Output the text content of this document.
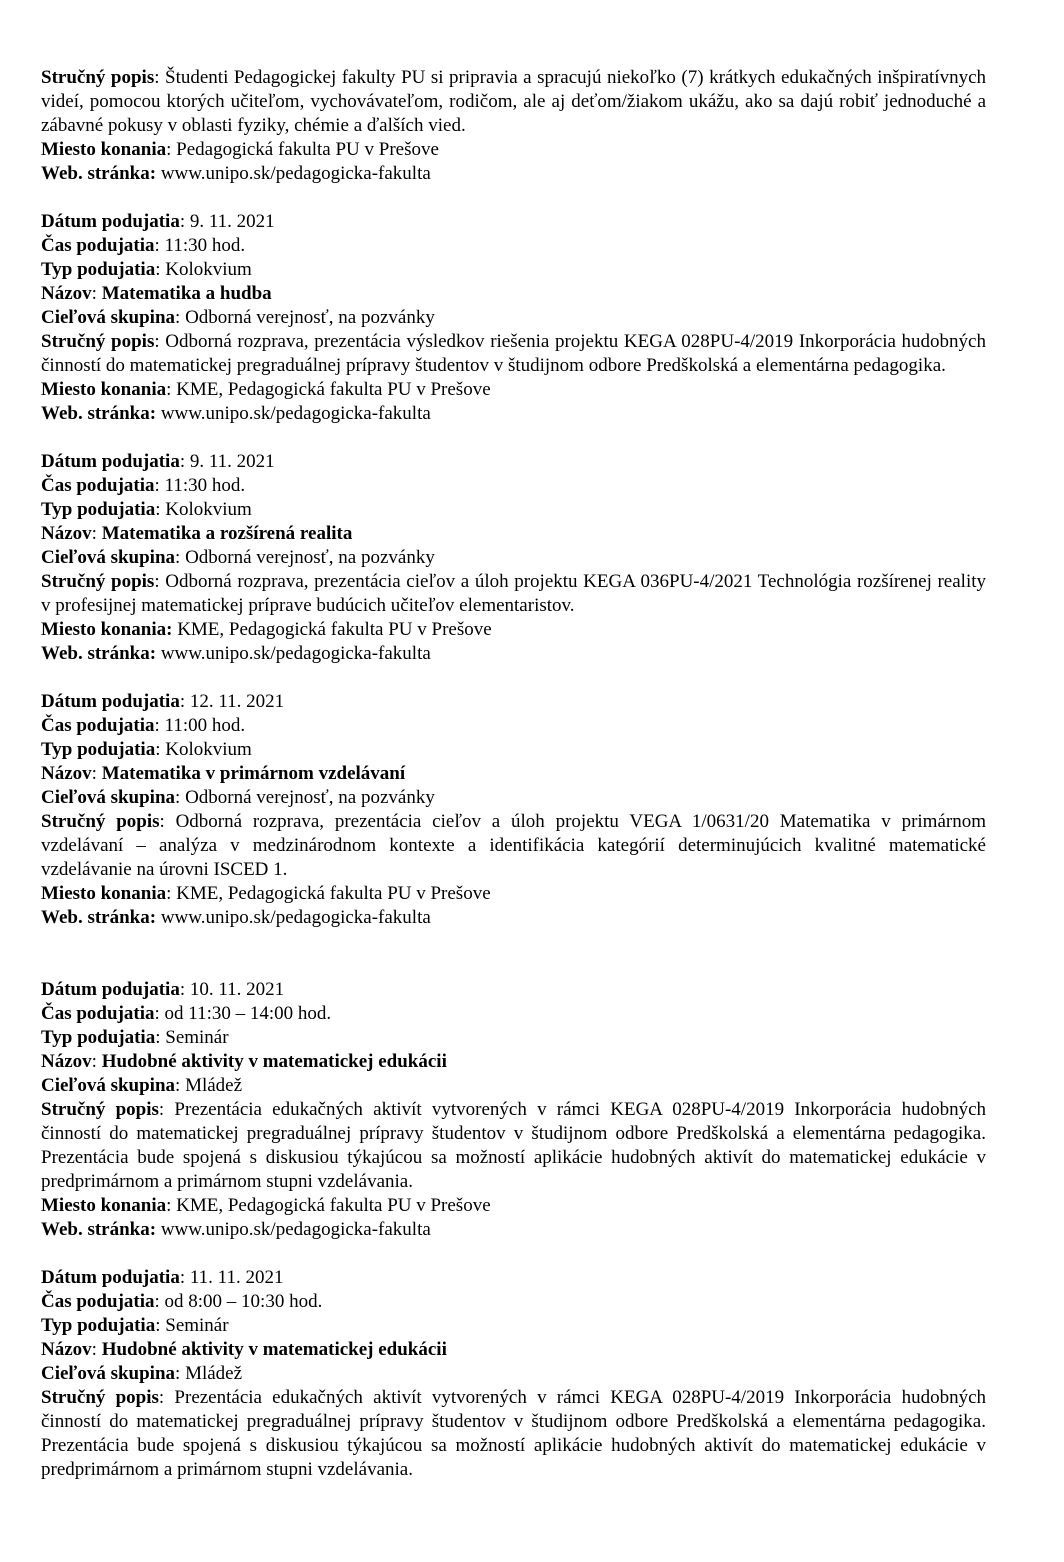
Stručný popis: Študenti Pedagogickej fakulty PU si pripravia a spracujú niekoľko (7) krátkych edukačných inšpiratívnych videí, pomocou ktorých učiteľom, vychovávateľom, rodičom, ale aj deťom/žiakom ukážu, ako sa dajú robiť jednoduché a zábavné pokusy v oblasti fyziky, chémie a ďalších vied.

Miesto konania: Pedagogická fakulta PU v Prešove

Web. stránka: www.unipo.sk/pedagogicka-fakulta

Dátum podujatia: 9. 11. 2021

Čas podujatia: 11:30 hod.

Typ podujatia: Kolokvium

Názov: Matematika a hudba

Cieľová skupina: Odborná verejnosť, na pozvánky

Stručný popis: Odborná rozprava, prezentácia výsledkov riešenia projektu KEGA 028PU-4/2019 Inkorporácia hudobných činností do matematickej pregraduálnej prípravy študentov v študijnom odbore Predškolská a elementárna pedagogika.

Miesto konania: KME, Pedagogická fakulta PU v Prešove

Web. stránka: www.unipo.sk/pedagogicka-fakulta

Dátum podujatia: 9. 11. 2021

Čas podujatia: 11:30 hod.

Typ podujatia: Kolokvium

Názov: Matematika a rozšírená realita

Cieľová skupina: Odborná verejnosť, na pozvánky

Stručný popis: Odborná rozprava, prezentácia cieľov a úloh projektu KEGA 036PU-4/2021 Technológia rozšírenej reality v profesijnej matematickej príprave budúcich učiteľov elementaristov.

Miesto konania: KME, Pedagogická fakulta PU v Prešove

Web. stránka: www.unipo.sk/pedagogicka-fakulta

Dátum podujatia: 12. 11. 2021

Čas podujatia: 11:00 hod.

Typ podujatia: Kolokvium

Názov: Matematika v primárnom vzdelávaní

Cieľová skupina: Odborná verejnosť, na pozvánky

Stručný popis: Odborná rozprava, prezentácia cieľov a úloh projektu VEGA 1/0631/20 Matematika v primárnom vzdelávaní – analýza v medzinárodnom kontexte a identifikácia kategórií determinujúcich kvalitné matematické vzdelávanie na úrovni ISCED 1.

Miesto konania: KME, Pedagogická fakulta PU v Prešove

Web. stránka: www.unipo.sk/pedagogicka-fakulta

Dátum podujatia: 10. 11. 2021

Čas podujatia: od 11:30 – 14:00 hod.

Typ podujatia: Seminár

Názov: Hudobné aktivity v matematickej edukácii

Cieľová skupina: Mládež

Stručný popis: Prezentácia edukačných aktivít vytvorených v rámci KEGA 028PU-4/2019 Inkorporácia hudobných činností do matematickej pregraduálnej prípravy študentov v študijnom odbore Predškolská a elementárna pedagogika. Prezentácia bude spojená s diskusiou týkajúcou sa možností aplikácie hudobných aktivít do matematickej edukácie v predprimárnom a primárnom stupni vzdelávania.

Miesto konania: KME, Pedagogická fakulta PU v Prešove

Web. stránka: www.unipo.sk/pedagogicka-fakulta

Dátum podujatia: 11. 11. 2021

Čas podujatia: od 8:00 – 10:30 hod.

Typ podujatia: Seminár

Názov: Hudobné aktivity v matematickej edukácii

Cieľová skupina: Mládež

Stručný popis: Prezentácia edukačných aktivít vytvorených v rámci KEGA 028PU-4/2019 Inkorporácia hudobných činností do matematickej pregraduálnej prípravy študentov v študijnom odbore Predškolská a elementárna pedagogika. Prezentácia bude spojená s diskusiou týkajúcou sa možností aplikácie hudobných aktivít do matematickej edukácie v predprimárnom a primárnom stupni vzdelávania.
